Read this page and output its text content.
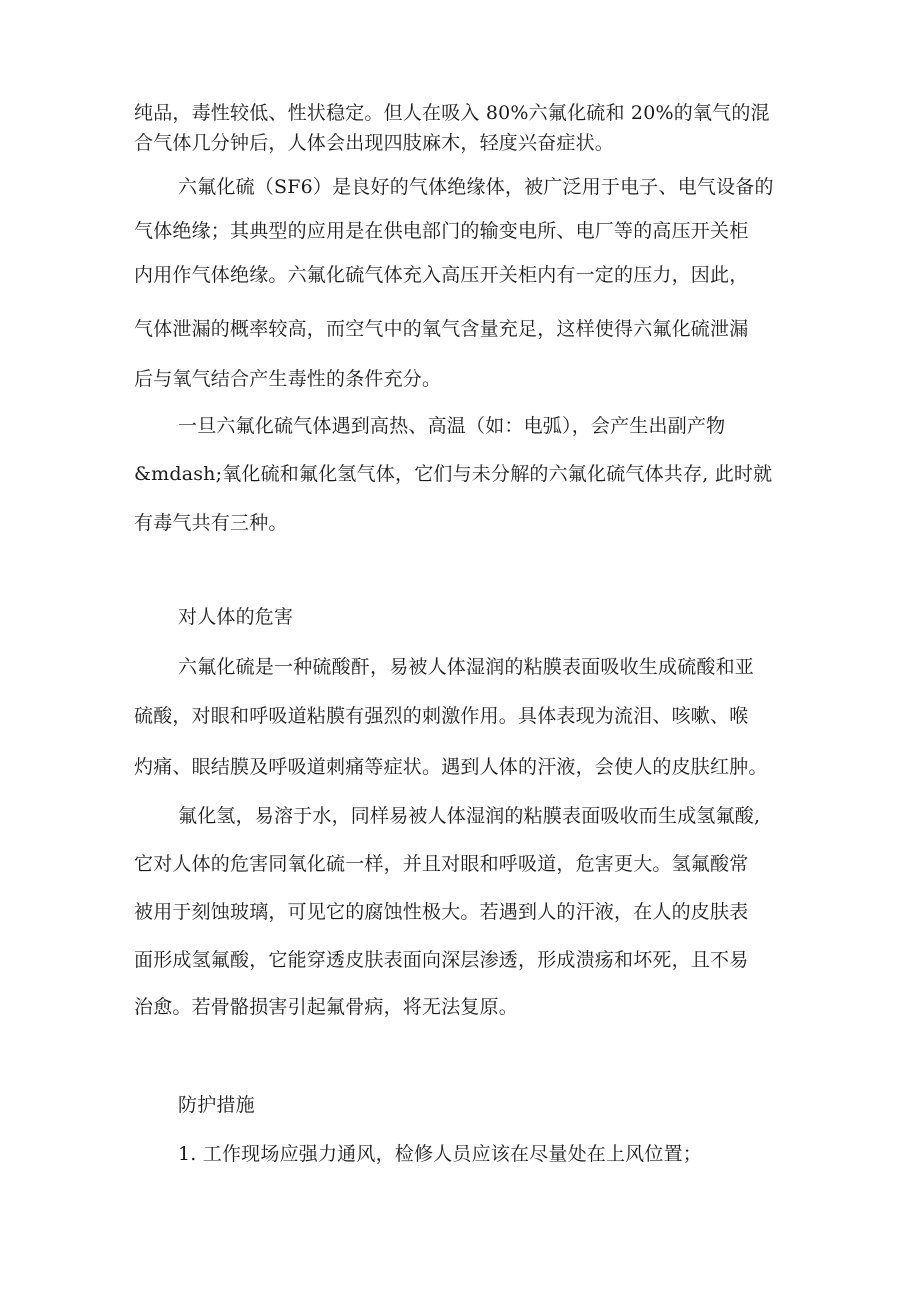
纯品，毒性较低、性状稳定。但人在吸入 80%六氟化硫和 20%的氧气的混
合气体几分钟后，人体会出现四肢麻木，轻度兴奋症状。
六氟化硫（SF6）是良好的气体绝缘体，被广泛用于电子、电气设备的
气体绝缘；其典型的应用是在供电部门的输变电所、电厂等的高压开关柜
内用作气体绝缘。六氟化硫气体充入高压开关柜内有一定的压力，因此，
气体泄漏的概率较高，而空气中的氧气含量充足，这样使得六氟化硫泄漏
后与氧气结合产生毒性的条件充分。
一旦六氟化硫气体遇到高热、高温（如：电弧），会产生出副产物
&mdash;氧化硫和氟化氢气体，它们与未分解的六氟化硫气体共存, 此时就
有毒气共有三种。
对人体的危害
六氟化硫是一种硫酸酐，易被人体湿润的粘膜表面吸收生成硫酸和亚
硫酸，对眼和呼吸道粘膜有强烈的刺激作用。具体表现为流泪、咳嗽、喉
灼痛、眼结膜及呼吸道刺痛等症状。遇到人体的汗液，会使人的皮肤红肿。
氟化氢，易溶于水，同样易被人体湿润的粘膜表面吸收而生成氢氟酸,
它对人体的危害同氧化硫一样，并且对眼和呼吸道，危害更大。氢氟酸常
被用于刻蚀玻璃，可见它的腐蚀性极大。若遇到人的汗液，在人的皮肤表
面形成氢氟酸，它能穿透皮肤表面向深层渗透，形成溃疡和坏死，且不易
治愈。若骨骼损害引起氟骨病，将无法复原。
防护措施
1. 工作现场应强力通风，检修人员应该在尽量处在上风位置；
